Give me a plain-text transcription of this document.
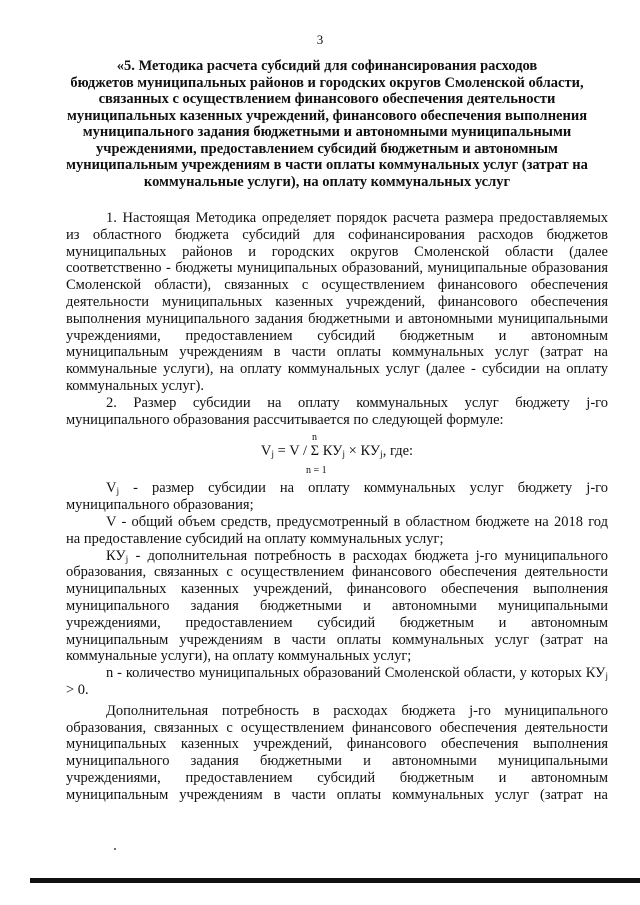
3
«5. Методика расчета субсидий для софинансирования расходов
бюджетов муниципальных районов и городских округов Смоленской области,
связанных с осуществлением финансового обеспечения деятельности
муниципальных казенных учреждений, финансового обеспечения выполнения
муниципального задания бюджетными и автономными муниципальными
учреждениями, предоставлением субсидий бюджетным и автономным
муниципальным учреждениям в части оплаты коммунальных услуг (затрат на
коммунальные услуги), на оплату коммунальных услуг

1. Настоящая Методика определяет порядок расчета размера предоставляемых из областного бюджета субсидий для софинансирования расходов бюджетов муниципальных районов и городских округов Смоленской области (далее соответственно - бюджеты муниципальных образований, муниципальные образования Смоленской области), связанных с осуществлением финансового обеспечения деятельности муниципальных казенных учреждений, финансового обеспечения выполнения муниципального задания бюджетными и автономными муниципальными учреждениями, предоставлением субсидий бюджетным и автономным муниципальным учреждениям в части оплаты коммунальных услуг (затрат на коммунальные услуги), на оплату коммунальных услуг (далее - субсидии на оплату коммунальных услуг).

2. Размер субсидии на оплату коммунальных услуг бюджету j-го муниципального образования рассчитывается по следующей формуле:

n
$V_j = V / \Sigma$ $КУ_j \times КУ_j$, где:
n = 1

$V_j$ - размер субсидии на оплату коммунальных услуг бюджету j-го муниципального образования;

V - общий объем средств, предусмотренный в областном бюджете на 2018 год на предоставление субсидий на оплату коммунальных услуг;

$КУ_j$ - дополнительная потребность в расходах бюджета j-го муниципального образования, связанных с осуществлением финансового обеспечения деятельности муниципальных казенных учреждений, финансового обеспечения выполнения муниципального задания бюджетными и автономными муниципальными учреждениями, предоставлением субсидий бюджетным и автономным муниципальным учреждениям в части оплаты коммунальных услуг (затрат на коммунальные услуги), на оплату коммунальных услуг;

n - количество муниципальных образований Смоленской области, у которых $КУ_j > 0$.

Дополнительная потребность в расходах бюджета j-го муниципального образования, связанных с осуществлением финансового обеспечения деятельности муниципальных казенных учреждений, финансового обеспечения выполнения муниципального задания бюджетными и автономными муниципальными учреждениями, предоставлением субсидий бюджетным и автономным муниципальным учреждениям в части оплаты коммунальных услуг (затрат на
